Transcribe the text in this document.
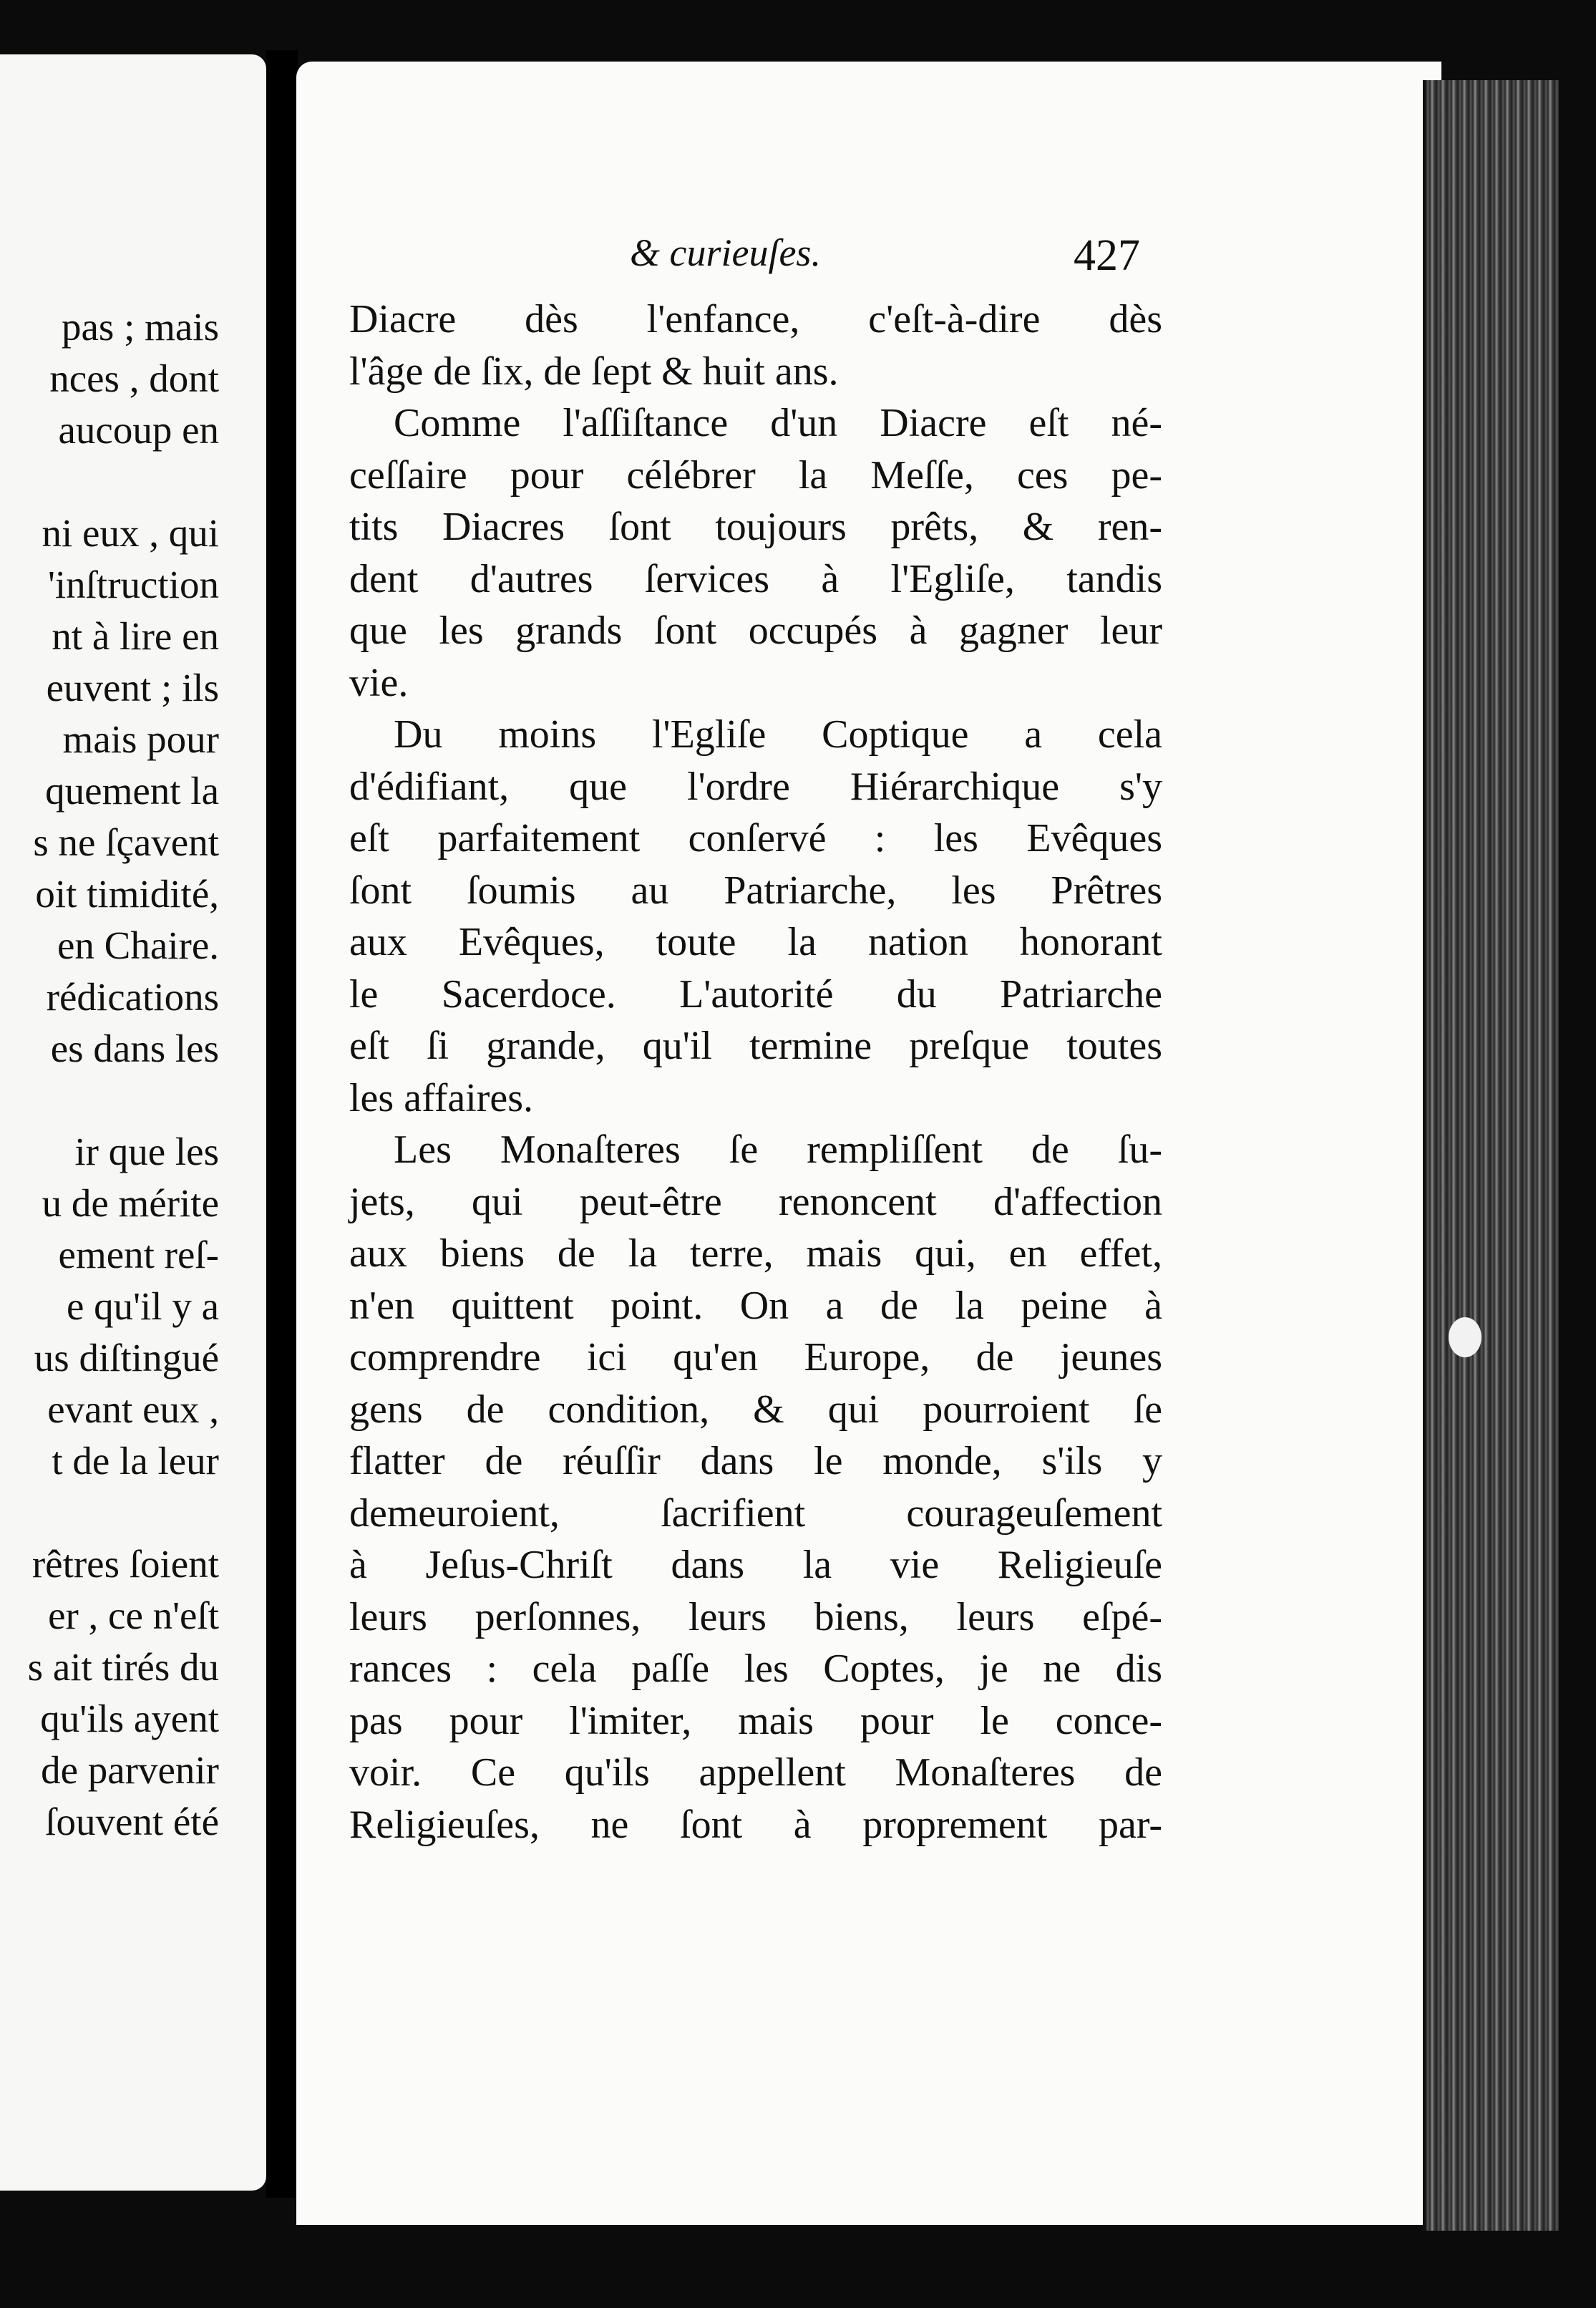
pas ; mais
nces , dont
aucoup en
ni eux , qui
'inſtruction
nt à lire en
euvent ; ils
mais pour
quement la
s ne ſçavent
oit timidité,
en Chaire.
rédications
es dans les
ir que les
u de mérite
ement reſ-
e qu'il y a
us diſtingué
evant eux ,
t de la leur
rêtres ſoient
er , ce n'eſt
s ait tirés du
qu'ils ayent
de parvenir
ſouvent été
& curieuſes.	427
Diacre dès l'enfance, c'eſt-à-dire dès
l'âge de ſix, de ſept & huit ans.
Comme l'aſſiſtance d'un Diacre eſt né-
ceſſaire pour célébrer la Meſſe, ces pe-
tits Diacres ſont toujours prêts, & ren-
dent d'autres ſervices à l'Egliſe, tandis
que les grands ſont occupés à gagner leur
vie.
Du moins l'Egliſe Coptique a cela
d'édifiant, que l'ordre Hiérarchique s'y
eſt parfaitement conſervé : les Evêques
ſont ſoumis au Patriarche, les Prêtres
aux Evêques, toute la nation honorant
le Sacerdoce. L'autorité du Patriarche
eſt ſi grande, qu'il termine preſque toutes
les affaires.
Les Monaſteres ſe rempliſſent de ſu-
jets, qui peut-être renoncent d'affection
aux biens de la terre, mais qui, en effet,
n'en quittent point. On a de la peine à
comprendre ici qu'en Europe, de jeunes
gens de condition, & qui pourroient ſe
flatter de réuſſir dans le monde, s'ils y
demeuroient, ſacrifient courageuſement
à Jeſus-Chriſt dans la vie Religieuſe
leurs perſonnes, leurs biens, leurs eſpé-
rances : cela paſſe les Coptes, je ne dis
pas pour l'imiter, mais pour le conce-
voir. Ce qu'ils appellent Monaſteres de
Religieuſes, ne ſont à proprement par-
